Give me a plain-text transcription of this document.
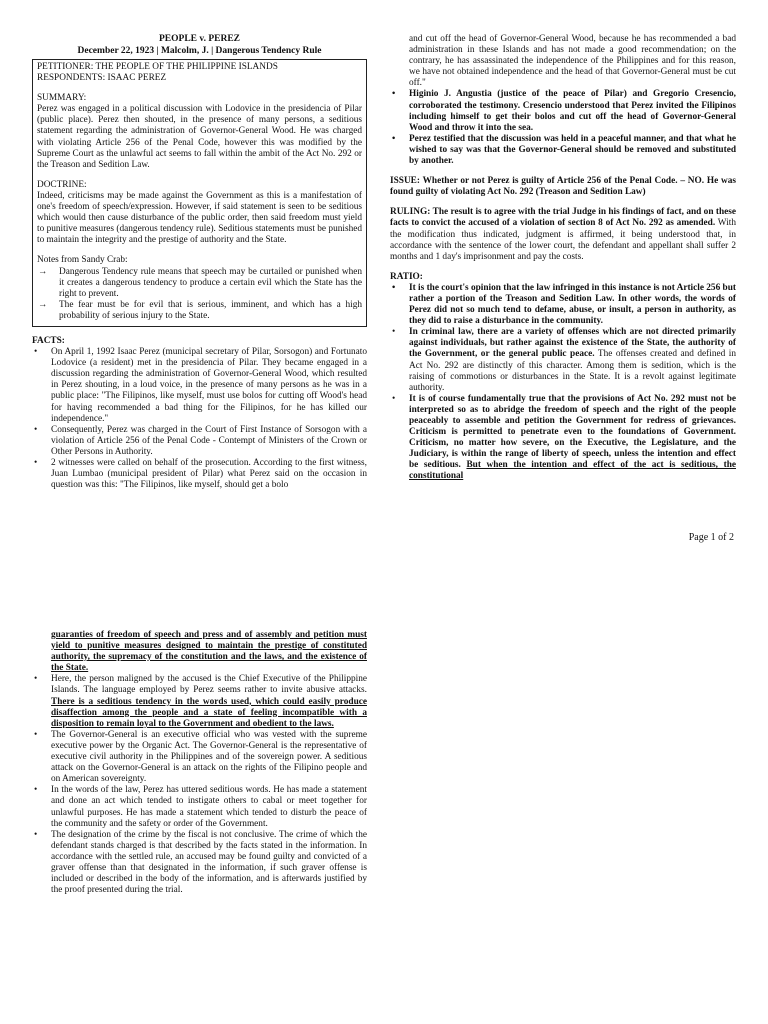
PEOPLE v. PEREZ
December 22, 1923 | Malcolm, J. | Dangerous Tendency Rule

PETITIONER: THE PEOPLE OF THE PHILIPPINE ISLANDS

RESPONDENTS: ISAAC PEREZ

SUMMARY:

Perez was engaged in a political discussion with Lodovice in the presidencia of Pilar (public place). Perez then shouted, in the presence of many persons, a seditious statement regarding the administration of Governor-General Wood. He was charged with violating Article 256 of the Penal Code, however this was modified by the Supreme Court as the unlawful act seems to fall within the ambit of the Act No. 292 or the Treason and Sedition Law.

DOCTRINE:

Indeed, criticisms may be made against the Government as this is a manifestation of one's freedom of speech/expression. However, if said statement is seen to be seditious which would then cause disturbance of the public order, then said freedom must yield to punitive measures (dangerous tendency rule). Seditious statements must be punished to maintain the integrity and the prestige of authority and the State.

Notes from Sandy Crab:

→ Dangerous Tendency rule means that speech may be curtailed or punished when it creates a dangerous tendency to produce a certain evil which the State has the right to prevent.
→ The fear must be for evil that is serious, imminent, and which has a high probability of serious injury to the State.
FACTS:
• On April 1, 1992 Isaac Perez (municipal secretary of Pilar, Sorsogon) and Fortunato Lodovice (a resident) met in the presidencia of Pilar. They became engaged in a discussion regarding the administration of Governor-General Wood, which resulted in Perez shouting, in a loud voice, in the presence of many persons as he was in a public place: "The Filipinos, like myself, must use bolos for cutting off Wood's head for having recommended a bad thing for the Filipinos, for he has killed our independence."
• Consequently, Perez was charged in the Court of First Instance of Sorsogon with a violation of Article 256 of the Penal Code - Contempt of Ministers of the Crown or Other Persons in Authority.
• 2 witnesses were called on behalf of the prosecution. According to the first witness, Juan Lumbao (municipal president of Pilar) what Perez said on the occasion in question was this: "The Filipinos, like myself, should get a bolo
and cut off the head of Governor-General Wood, because he has recommended a bad administration in these Islands and has not made a good recommendation; on the contrary, he has assassinated the independence of the Philippines and for this reason, we have not obtained independence and the head of that Governor-General must be cut off."
• Higinio J. Angustia (justice of the peace of Pilar) and Gregorio Cresencio, corroborated the testimony. Cresencio understood that Perez invited the Filipinos including himself to get their bolos and cut off the head of Governor-General Wood and throw it into the sea.
• Perez testified that the discussion was held in a peaceful manner, and that what he wished to say was that the Governor-General should be removed and substituted by another.
ISSUE: Whether or not Perez is guilty of Article 256 of the Penal Code. – NO. He was found guilty of violating Act No. 292 (Treason and Sedition Law)
RULING: The result is to agree with the trial Judge in his findings of fact, and on these facts to convict the accused of a violation of section 8 of Act No. 292 as amended. With the modification thus indicated, judgment is affirmed, it being understood that, in accordance with the sentence of the lower court, the defendant and appellant shall suffer 2 months and 1 day's imprisonment and pay the costs.
RATIO:
• It is the court's opinion that the law infringed in this instance is not Article 256 but rather a portion of the Treason and Sedition Law. In other words, the words of Perez did not so much tend to defame, abuse, or insult, a person in authority, as they did to raise a disturbance in the community.
• In criminal law, there are a variety of offenses which are not directed primarily against individuals, but rather against the existence of the State, the authority of the Government, or the general public peace. The offenses created and defined in Act No. 292 are distinctly of this character. Among them is sedition, which is the raising of commotions or disturbances in the State. It is a revolt against legitimate authority.
• It is of course fundamentally true that the provisions of Act No. 292 must not be interpreted so as to abridge the freedom of speech and the right of the people peaceably to assemble and petition the Government for redress of grievances. Criticism is permitted to penetrate even to the foundations of Government. Criticism, no matter how severe, on the Executive, the Legislature, and the Judiciary, is within the range of liberty of speech, unless the intention and effect be seditious. But when the intention and effect of the act is seditious, the constitutional
Page 1 of 2
guaranties of freedom of speech and press and of assembly and petition must yield to punitive measures designed to maintain the prestige of constituted authority, the supremacy of the constitution and the laws, and the existence of the State.
• Here, the person maligned by the accused is the Chief Executive of the Philippine Islands. The language employed by Perez seems rather to invite abusive attacks. There is a seditious tendency in the words used, which could easily produce disaffection among the people and a state of feeling incompatible with a disposition to remain loyal to the Government and obedient to the laws.
• The Governor-General is an executive official who was vested with the supreme executive power by the Organic Act. The Governor-General is the representative of executive civil authority in the Philippines and of the sovereign power. A seditious attack on the Governor-General is an attack on the rights of the Filipino people and on American sovereignty.
• In the words of the law, Perez has uttered seditious words. He has made a statement and done an act which tended to instigate others to cabal or meet together for unlawful purposes. He has made a statement which tended to disturb the peace of the community and the safety or order of the Government.
• The designation of the crime by the fiscal is not conclusive. The crime of which the defendant stands charged is that described by the facts stated in the information. In accordance with the settled rule, an accused may be found guilty and convicted of a graver offense than that designated in the information, if such graver offense is included or described in the body of the information, and is afterwards justified by the proof presented during the trial.
